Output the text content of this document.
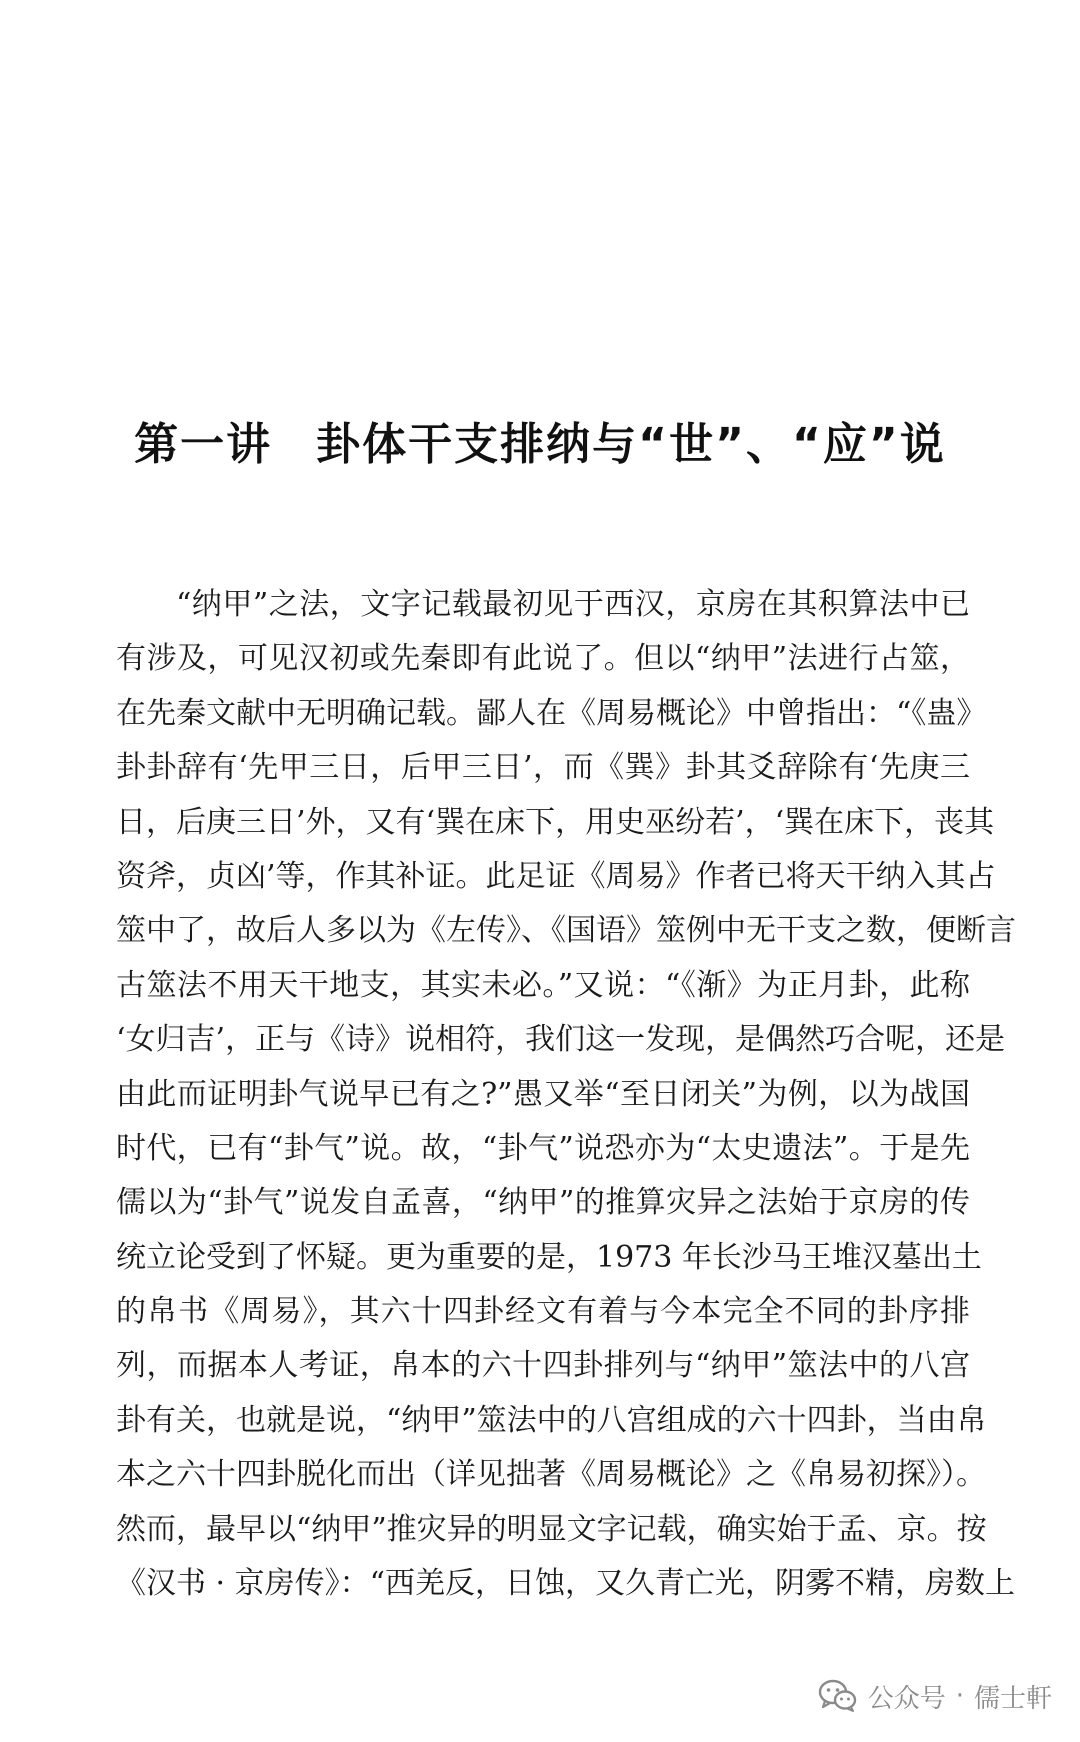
第一讲 卦体干支排纳与“世”、“应”说
“纳甲”之法，文字记载最初见于西汉，京房在其积算法中已
有涉及，可见汉初或先秦即有此说了。但以“纳甲”法进行占筮，
在先秦文献中无明确记载。鄙人在《周易概论》中曾指出：“《蛊》
卦卦辞有‘先甲三日，后甲三日’，而《巽》卦其爻辞除有‘先庚三
日，后庚三日’外，又有‘巽在床下，用史巫纷若’，‘巽在床下，丧其
资斧，贞凶’等，作其补证。此足证《周易》作者已将天干纳入其占
筮中了，故后人多以为《左传》、《国语》筮例中无干支之数，便断言
古筮法不用天干地支，其实未必。”又说：“《渐》为正月卦，此称
‘女归吉’，正与《诗》说相符，我们这一发现，是偶然巧合呢，还是
由此而证明卦气说早已有之?”愚又举“至日闭关”为例，以为战国
时代，已有“卦气”说。故，“卦气”说恐亦为“太史遗法”。于是先
儒以为“卦气”说发自孟喜，“纳甲”的推算灾异之法始于京房的传
统立论受到了怀疑。更为重要的是，1973 年长沙马王堆汉墓出土
的帛书《周易》，其六十四卦经文有着与今本完全不同的卦序排
列，而据本人考证，帛本的六十四卦排列与“纳甲”筮法中的八宫
卦有关，也就是说，“纳甲”筮法中的八宫组成的六十四卦，当由帛
本之六十四卦脱化而出（详见拙著《周易概论》之《帛易初探》）。
然而，最早以“纳甲”推灾异的明显文字记载，确实始于孟、京。按
《汉书 · 京房传》：“西羌反，日蚀，又久青亡光，阴雾不精，房数上
公众号 · 儒士軒
